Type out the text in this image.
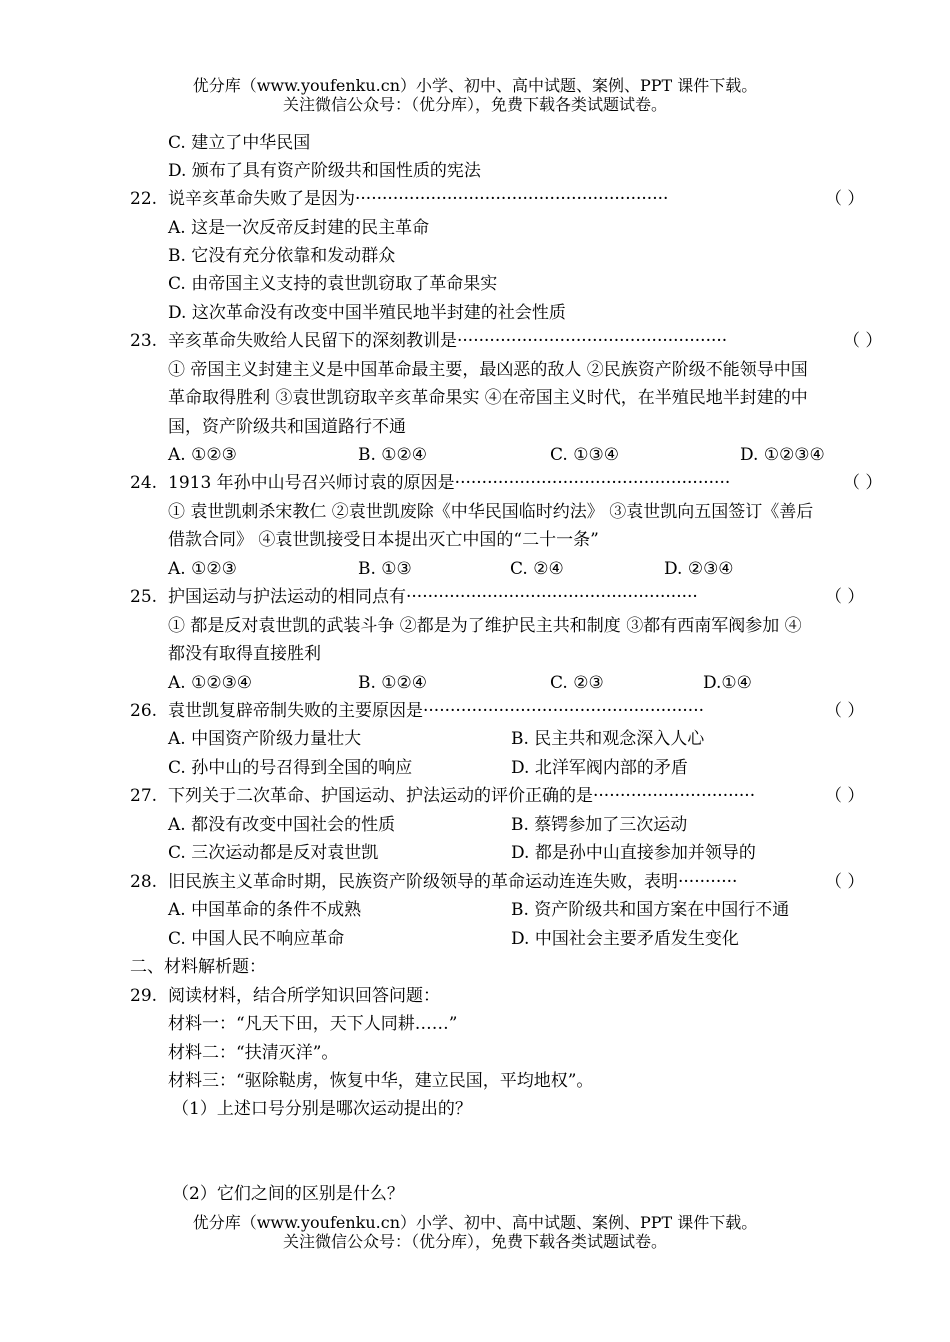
优分库（www.youfenku.cn）小学、初中、高中试题、案例、PPT 课件下载。
关注微信公众号：（优分库），免费下载各类试题试卷。
C. 建立了中华民国
D. 颁布了具有资产阶级共和国性质的宪法
22. 说辛亥革命失败了是因为··························································	（ ）
A. 这是一次反帝反封建的民主革命
B. 它没有充分依靠和发动群众
C. 由帝国主义支持的袁世凯窃取了革命果实
D. 这次革命没有改变中国半殖民地半封建的社会性质
23. 辛亥革命失败给人民留下的深刻教训是··················································	（ ）
① 帝国主义封建主义是中国革命最主要，最凶恶的敌人 ②民族资产阶级不能领导中国
革命取得胜利 ③袁世凯窃取辛亥革命果实 ④在帝国主义时代，在半殖民地半封建的中
国，资产阶级共和国道路行不通
A. ①②③	B. ①②④	C. ①③④	D. ①②③④
24. 1913 年孙中山号召兴师讨袁的原因是···················································	（ ）
① 袁世凯刺杀宋教仁 ②袁世凯废除《中华民国临时约法》 ③袁世凯向五国签订《善后
借款合同》 ④袁世凯接受日本提出灭亡中国的“二十一条”
A. ①②③	B. ①③	C. ②④	D. ②③④
25. 护国运动与护法运动的相同点有······················································	（ ）
① 都是反对袁世凯的武装斗争 ②都是为了维护民主共和制度 ③都有西南军阀参加 ④
都没有取得直接胜利
A. ①②③④	B. ①②④	C. ②③	D.①④
26. 袁世凯复辟帝制失败的主要原因是····················································	（ ）
A. 中国资产阶级力量壮大	B. 民主共和观念深入人心
C. 孙中山的号召得到全国的响应	D. 北洋军阀内部的矛盾
27. 下列关于二次革命、护国运动、护法运动的评价正确的是······························	（ ）
A. 都没有改变中国社会的性质	B. 蔡锷参加了三次运动
C. 三次运动都是反对袁世凯	D. 都是孙中山直接参加并领导的
28. 旧民族主义革命时期，民族资产阶级领导的革命运动连连失败，表明···········	（ ）
A. 中国革命的条件不成熟	B. 资产阶级共和国方案在中国行不通
C. 中国人民不响应革命	D. 中国社会主要矛盾发生变化
二、材料解析题：
29. 阅读材料，结合所学知识回答问题：
材料一：“凡天下田，天下人同耕……”
材料二：“扶清灭洋”。
材料三：“驱除鞑虏，恢复中华，建立民国，平均地权”。
（1）上述口号分别是哪次运动提出的？
（2）它们之间的区别是什么？
优分库（www.youfenku.cn）小学、初中、高中试题、案例、PPT 课件下载。
关注微信公众号：（优分库），免费下载各类试题试卷。
